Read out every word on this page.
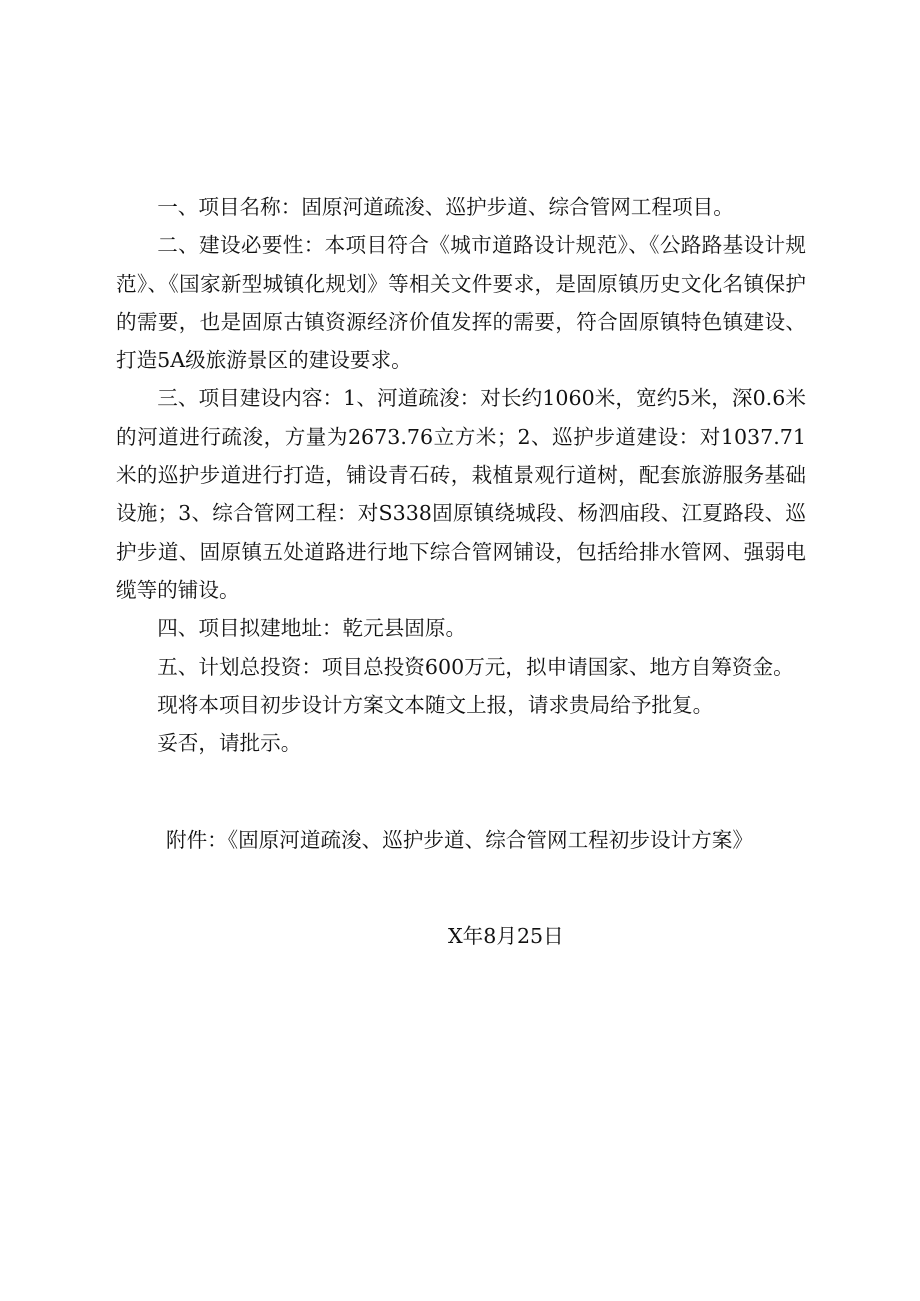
一、项目名称：固原河道疏浚、巡护步道、综合管网工程项目。

二、建设必要性：本项目符合《城市道路设计规范》、《公路路基设计规范》、《国家新型城镇化规划》等相关文件要求，是固原镇历史文化名镇保护的需要，也是固原古镇资源经济价值发挥的需要，符合固原镇特色镇建设、打造5A级旅游景区的建设要求。

三、项目建设内容：1、河道疏浚：对长约1060米，宽约5米，深0.6米的河道进行疏浚，方量为2673.76立方米；2、巡护步道建设：对1037.71米的巡护步道进行打造，铺设青石砖，栽植景观行道树，配套旅游服务基础设施；3、综合管网工程：对S338固原镇绕城段、杨泗庙段、江夏路段、巡护步道、固原镇五处道路进行地下综合管网铺设，包括给排水管网、强弱电缆等的铺设。

四、项目拟建地址：乾元县固原。

五、计划总投资：项目总投资600万元，拟申请国家、地方自筹资金。

现将本项目初步设计方案文本随文上报，请求贵局给予批复。

妥否，请批示。

附件：《固原河道疏浚、巡护步道、综合管网工程初步设计方案》

X年8月25日
